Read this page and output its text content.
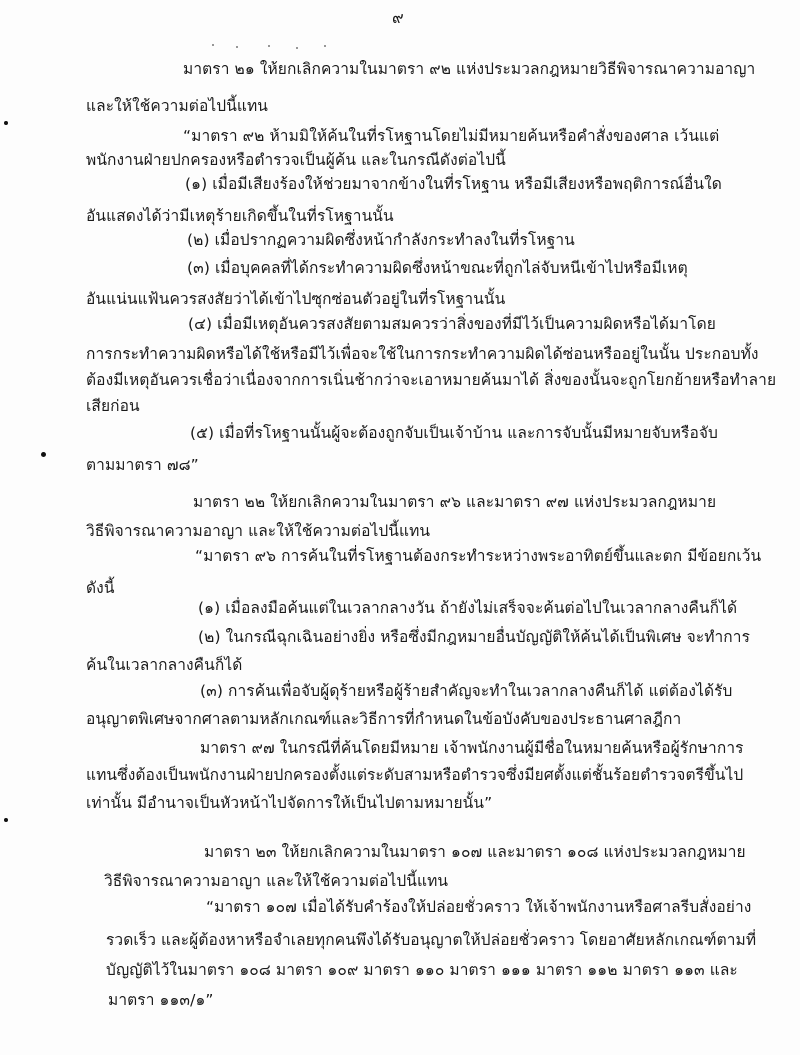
๙
มาตรา ๒๑ ให้ยกเลิกความในมาตรา ๙๒ แห่งประมวลกฎหมายวิธีพิจารณาความอาญา
และให้ใช้ความต่อไปนี้แทน
“มาตรา ๙๒ ห้ามมิให้ค้นในที่รโหฐานโดยไม่มีหมายค้นหรือคำสั่งของศาล เว้นแต่
พนักงานฝ่ายปกครองหรือตำรวจเป็นผู้ค้น และในกรณีดังต่อไปนี้
(๑) เมื่อมีเสียงร้องให้ช่วยมาจากข้างในที่รโหฐาน หรือมีเสียงหรือพฤติการณ์อื่นใด
อันแสดงได้ว่ามีเหตุร้ายเกิดขึ้นในที่รโหฐานนั้น
(๒) เมื่อปรากฏความผิดซึ่งหน้ากำลังกระทำลงในที่รโหฐาน
(๓) เมื่อบุคคลที่ได้กระทำความผิดซึ่งหน้าขณะที่ถูกไล่จับหนีเข้าไปหรือมีเหตุ
อันแน่นแฟ้นควรสงสัยว่าได้เข้าไปซุกซ่อนตัวอยู่ในที่รโหฐานนั้น
(๔) เมื่อมีเหตุอันควรสงสัยตามสมควรว่าสิ่งของที่มีไว้เป็นความผิดหรือได้มาโดย
การกระทำความผิดหรือได้ใช้หรือมีไว้เพื่อจะใช้ในการกระทำความผิดได้ซ่อนหรืออยู่ในนั้น ประกอบทั้ง
ต้องมีเหตุอันควรเชื่อว่าเนื่องจากการเนิ่นช้ากว่าจะเอาหมายค้นมาได้ สิ่งของนั้นจะถูกโยกย้ายหรือทำลาย
เสียก่อน
(๕) เมื่อที่รโหฐานนั้นผู้จะต้องถูกจับเป็นเจ้าบ้าน และการจับนั้นมีหมายจับหรือจับ
ตามมาตรา ๗๘”
มาตรา ๒๒ ให้ยกเลิกความในมาตรา ๙๖ และมาตรา ๙๗ แห่งประมวลกฎหมาย
วิธีพิจารณาความอาญา และให้ใช้ความต่อไปนี้แทน
“มาตรา ๙๖ การค้นในที่รโหฐานต้องกระทำระหว่างพระอาทิตย์ขึ้นและตก มีข้อยกเว้น
ดังนี้
(๑) เมื่อลงมือค้นแต่ในเวลากลางวัน ถ้ายังไม่เสร็จจะค้นต่อไปในเวลากลางคืนก็ได้
(๒) ในกรณีฉุกเฉินอย่างยิ่ง หรือซึ่งมีกฎหมายอื่นบัญญัติให้ค้นได้เป็นพิเศษ จะทำการ
ค้นในเวลากลางคืนก็ได้
(๓) การค้นเพื่อจับผู้ดุร้ายหรือผู้ร้ายสำคัญจะทำในเวลากลางคืนก็ได้ แต่ต้องได้รับ
อนุญาตพิเศษจากศาลตามหลักเกณฑ์และวิธีการที่กำหนดในข้อบังคับของประธานศาลฎีกา
มาตรา ๙๗ ในกรณีที่ค้นโดยมีหมาย เจ้าพนักงานผู้มีชื่อในหมายค้นหรือผู้รักษาการ
แทนซึ่งต้องเป็นพนักงานฝ่ายปกครองตั้งแต่ระดับสามหรือตำรวจซึ่งมียศตั้งแต่ชั้นร้อยตำรวจตรีขึ้นไป
เท่านั้น มีอำนาจเป็นหัวหน้าไปจัดการให้เป็นไปตามหมายนั้น”
มาตรา ๒๓ ให้ยกเลิกความในมาตรา ๑๐๗ และมาตรา ๑๐๘ แห่งประมวลกฎหมาย
วิธีพิจารณาความอาญา และให้ใช้ความต่อไปนี้แทน
“มาตรา ๑๐๗ เมื่อได้รับคำร้องให้ปล่อยชั่วคราว ให้เจ้าพนักงานหรือศาลรีบสั่งอย่าง
รวดเร็ว และผู้ต้องหาหรือจำเลยทุกคนพึงได้รับอนุญาตให้ปล่อยชั่วคราว โดยอาศัยหลักเกณฑ์ตามที่
บัญญัติไว้ในมาตรา ๑๐๘ มาตรา ๑๐๙ มาตรา ๑๑๐ มาตรา ๑๑๑ มาตรา ๑๑๒ มาตรา ๑๑๓ และ
มาตรา ๑๑๓/๑”
